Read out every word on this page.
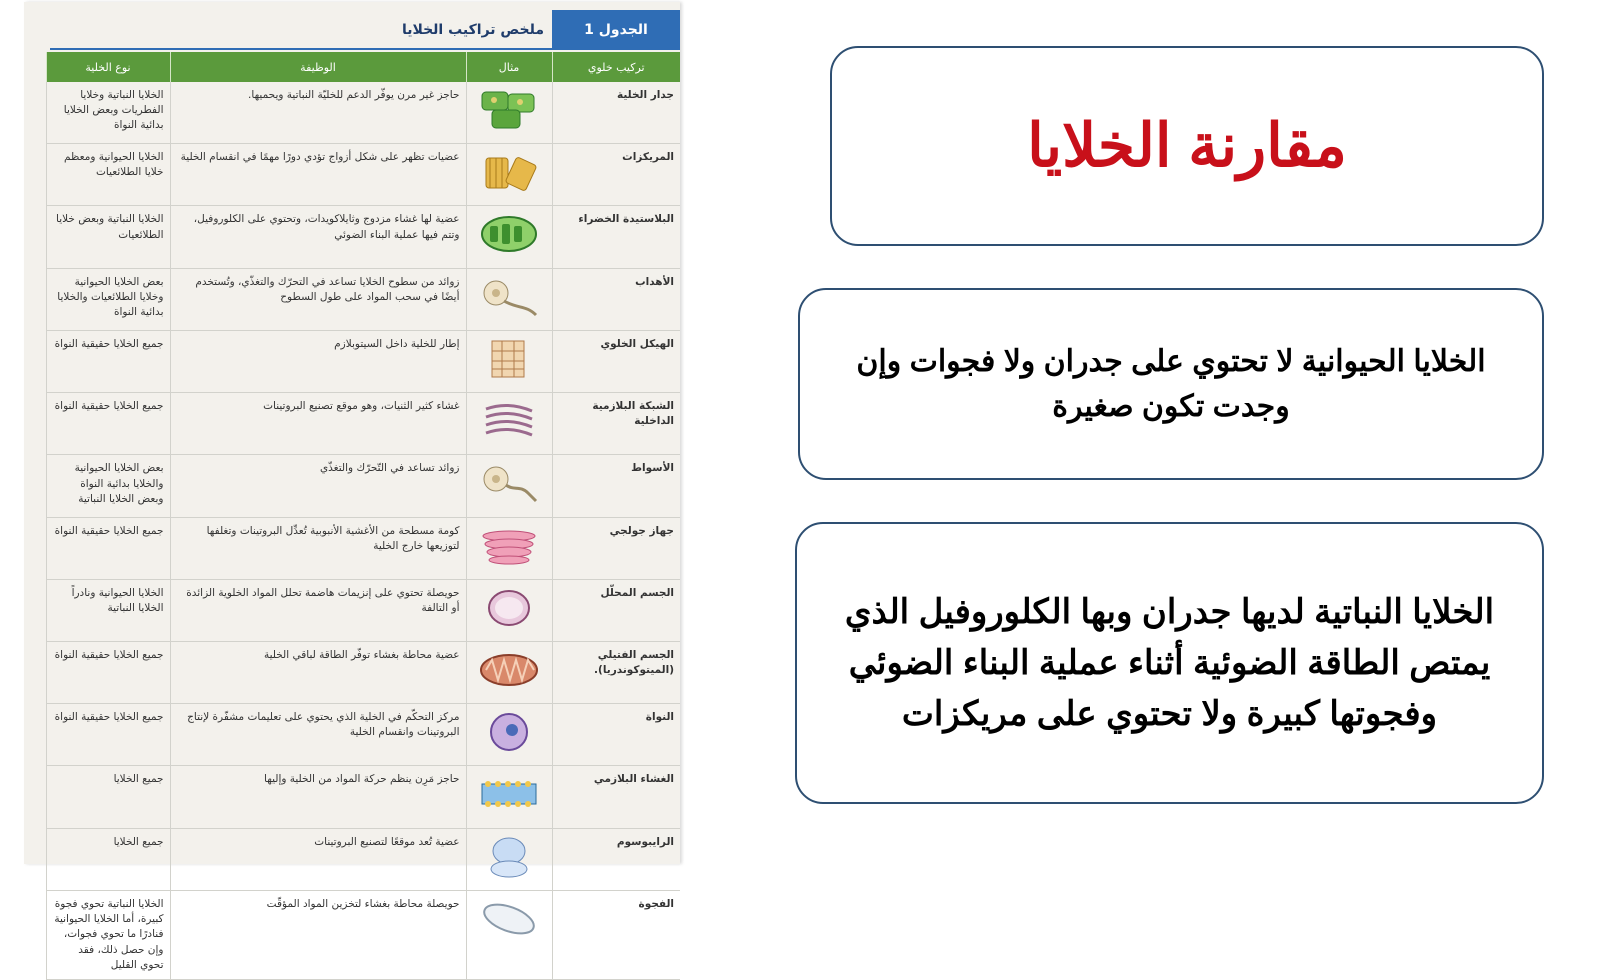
الجدول 1
ملخص تراكيب الخلايا
تركيب خلوي	مثال	الوظيفة	نوع الخلية
جدار الخلية		حاجز غير مرن يوفّر الدعم للخليّة النباتية ويحميها.	الخلايا النباتية وخلايا الفطريات وبعض الخلايا بدائية النواة
المريكزات		عضيات تظهر على شكل أزواج تؤدي دورًا مهمًا في انقسام الخلية	الخلايا الحيوانية ومعظم خلايا الطلائعيات
البلاستيدة الخضراء		عضية لها غشاء مزدوج وثايلاكويدات، وتحتوي على الكلوروفيل، وتتم فيها عملية البناء الضوئي	الخلايا النباتية وبعض خلايا الطلائعيات
الأهداب		زوائد من سطوح الخلايا تساعد في التحرّك والتغذّي، وتُستخدم أيضًا في سحب المواد على طول السطوح	بعض الخلايا الحيوانية وخلايا الطلائعيات والخلايا بدائية النواة
الهيكل الخلوي		إطار للخلية داخل السيتوبلازم	جميع الخلايا حقيقية النواة
الشبكة البلازمية الداخلية		غشاء كثير الثنيات، وهو موقع تصنيع البروتينات	جميع الخلايا حقيقية النواة
الأسواط		زوائد تساعد في التّحرّك والتغذّي	بعض الخلايا الحيوانية والخلايا بدائية النواة وبعض الخلايا النباتية
جهاز جولجي		كومة مسطحة من الأغشية الأنبوبية تُعدِّل البروتينات وتغلفها لتوزيعها خارج الخلية	جميع الخلايا حقيقية النواة
الجسم المحلّل		حويصلة تحتوي على إنزيمات هاضمة تحلل المواد الخلوية الزائدة أو التالفة	الخلايا الحيوانية ونادراً الخلايا النباتية
الجسم الفتيلي (الميتوكوندريا).		عضية محاطة بغشاء توفّر الطاقة لباقي الخلية	جميع الخلايا حقيقية النواة
النواة		مركز التحكّم في الخلية الذي يحتوي على تعليمات مشفّرة لإنتاج البروتينات وانقسام الخلية	جميع الخلايا حقيقية النواة
الغشاء البلازمي		حاجز مَرِن ينظم حركة المواد من الخلية وإليها	جميع الخلايا
الرايبوسوم		عضية تُعد موقعًا لتصنيع البروتينات	جميع الخلايا
الفجوة		حويصلة محاطة بغشاء لتخزين المواد المؤقّت	الخلايا النباتية تحوي فجوة كبيرة، أما الخلايا الحيوانية فنادرًا ما تحوي فجوات، وإن حصل ذلك، فقد تحوي القليل
مقارنة الخلايا
الخلايا الحيوانية لا تحتوي على جدران ولا فجوات وإن وجدت تكون صغيرة
الخلايا النباتية لديها جدران وبها الكلوروفيل الذي يمتص الطاقة الضوئية أثناء عملية البناء الضوئي وفجوتها كبيرة ولا تحتوي على مريكزات
